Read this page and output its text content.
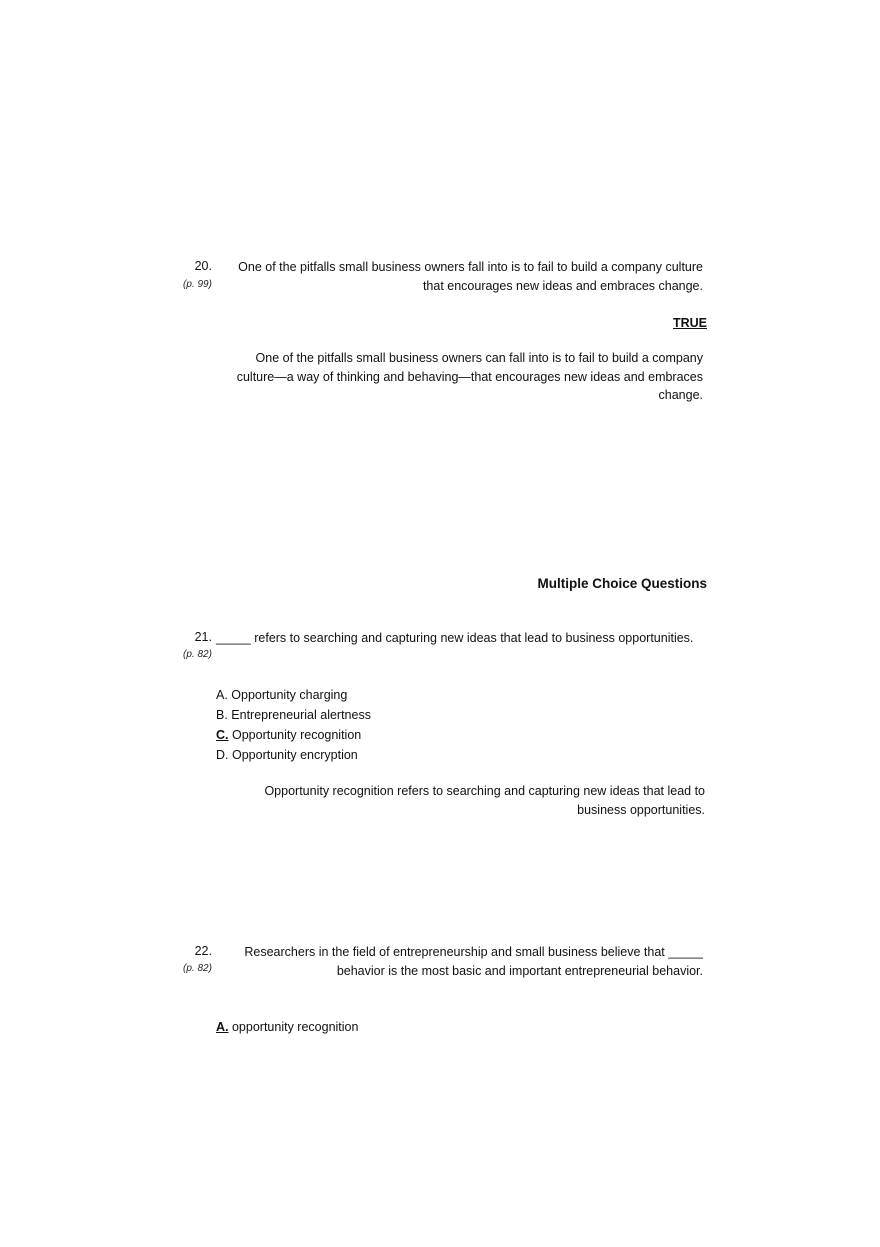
20.
(p. 99)
One of the pitfalls small business owners fall into is to fail to build a company culture
that encourages new ideas and embraces change.
TRUE
One of the pitfalls small business owners can fall into is to fail to build a company
culture—a way of thinking and behaving—that encourages new ideas and embraces
change.
Multiple Choice Questions
21.
(p. 82)
_____ refers to searching and capturing new ideas that lead to business opportunities.
A. Opportunity charging
B. Entrepreneurial alertness
C. Opportunity recognition
D. Opportunity encryption
Opportunity recognition refers to searching and capturing new ideas that lead to
business opportunities.
22.
(p. 82)
Researchers in the field of entrepreneurship and small business believe that _____
behavior is the most basic and important entrepreneurial behavior.
A. opportunity recognition
